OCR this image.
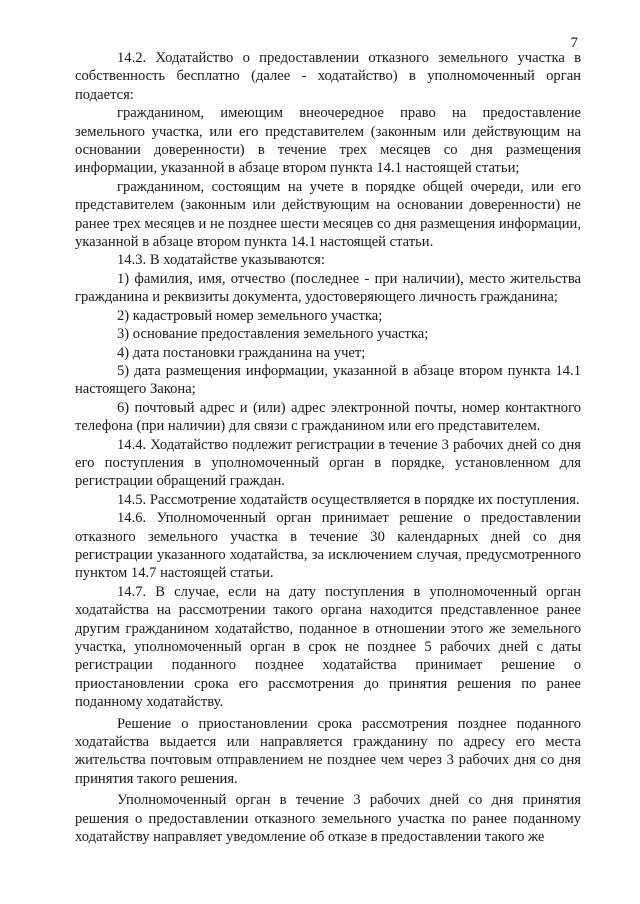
7

14.2. Ходатайство о предоставлении отказного земельного участка в собственность бесплатно (далее - ходатайство) в уполномоченный орган подается:

гражданином, имеющим внеочередное право на предоставление земельного участка, или его представителем (законным или действующим на основании доверенности) в течение трех месяцев со дня размещения информации, указанной в абзаце втором пункта 14.1 настоящей статьи;

гражданином, состоящим на учете в порядке общей очереди, или его представителем (законным или действующим на основании доверенности) не ранее трех месяцев и не позднее шести месяцев со дня размещения информации, указанной в абзаце втором пункта 14.1 настоящей статьи.

14.3. В ходатайстве указываются:

1) фамилия, имя, отчество (последнее - при наличии), место жительства гражданина и реквизиты документа, удостоверяющего личность гражданина;

2) кадастровый номер земельного участка;

3) основание предоставления земельного участка;

4) дата постановки гражданина на учет;

5) дата размещения информации, указанной в абзаце втором пункта 14.1 настоящего Закона;

6) почтовый адрес и (или) адрес электронной почты, номер контактного телефона (при наличии) для связи с гражданином или его представителем.

14.4. Ходатайство подлежит регистрации в течение 3 рабочих дней со дня его поступления в уполномоченный орган в порядке, установленном для регистрации обращений граждан.

14.5. Рассмотрение ходатайств осуществляется в порядке их поступления.

14.6. Уполномоченный орган принимает решение о предоставлении отказного земельного участка в течение 30 календарных дней со дня регистрации указанного ходатайства, за исключением случая, предусмотренного пунктом 14.7 настоящей статьи.

14.7. В случае, если на дату поступления в уполномоченный орган ходатайства на рассмотрении такого органа находится представленное ранее другим гражданином ходатайство, поданное в отношении этого же земельного участка, уполномоченный орган в срок не позднее 5 рабочих дней с даты регистрации поданного позднее ходатайства принимает решение о приостановлении срока его рассмотрения до принятия решения по ранее поданному ходатайству.

Решение о приостановлении срока рассмотрения позднее поданного ходатайства выдается или направляется гражданину по адресу его места жительства почтовым отправлением не позднее чем через 3 рабочих дня со дня принятия такого решения.

Уполномоченный орган в течение 3 рабочих дней со дня принятия решения о предоставлении отказного земельного участка по ранее поданному ходатайству направляет уведомление об отказе в предоставлении такого же
